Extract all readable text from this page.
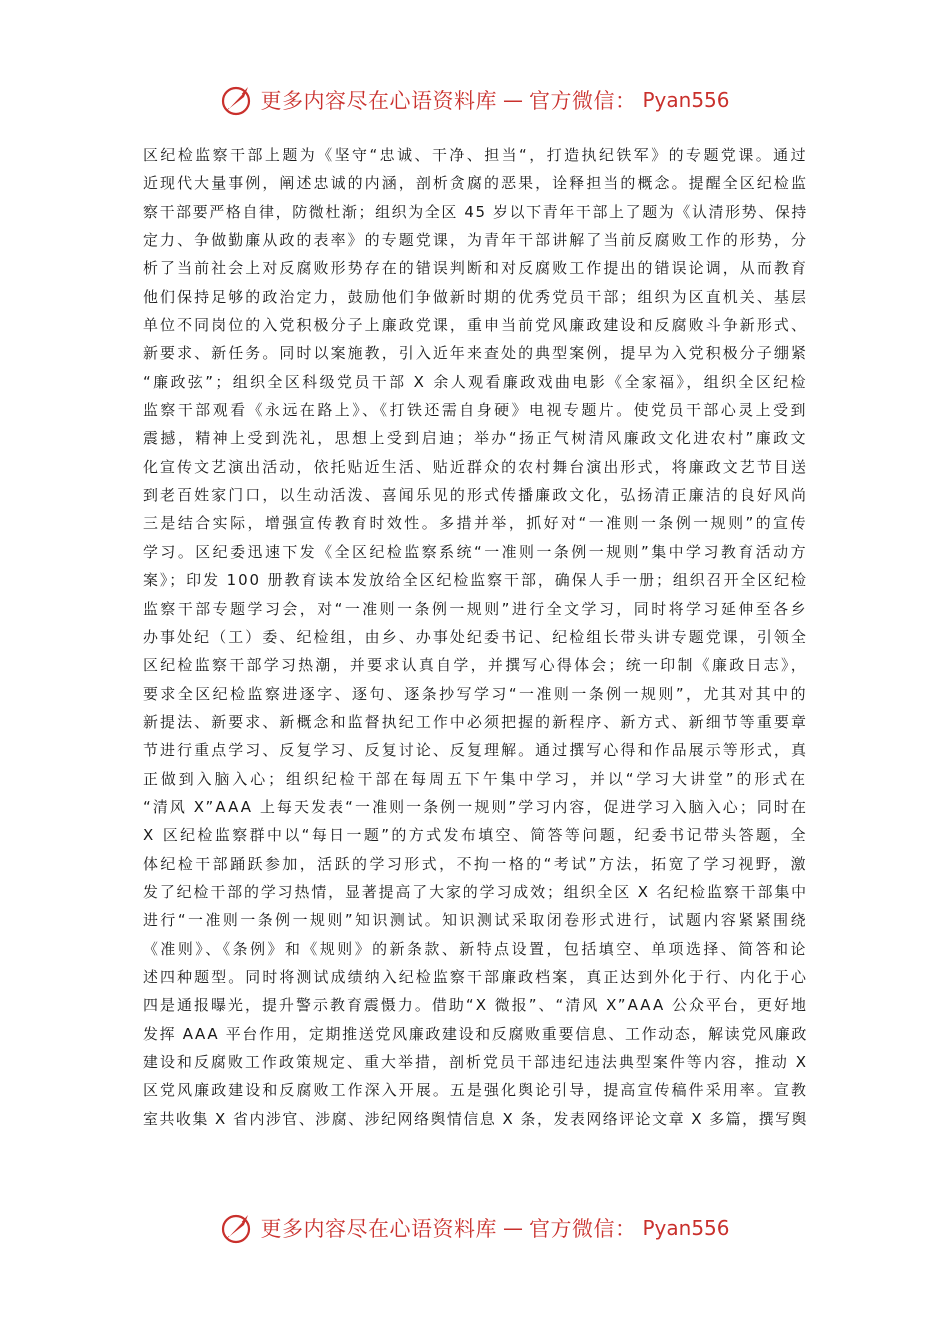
更多内容尽在心语资料库 — 官方微信： Pyan556
区纪检监察干部上题为《坚守“忠诚、干净、担当“，打造执纪铁军》的专题党课。通过
近现代大量事例，阐述忠诚的内涵，剖析贪腐的恶果，诠释担当的概念。提醒全区纪检监
察干部要严格自律，防微杜渐；组织为全区 45 岁以下青年干部上了题为《认清形势、保持
定力、争做勤廉从政的表率》的专题党课，为青年干部讲解了当前反腐败工作的形势，分
析了当前社会上对反腐败形势存在的错误判断和对反腐败工作提出的错误论调，从而教育
他们保持足够的政治定力，鼓励他们争做新时期的优秀党员干部；组织为区直机关、基层
单位不同岗位的入党积极分子上廉政党课，重申当前党风廉政建设和反腐败斗争新形式、
新要求、新任务。同时以案施教，引入近年来查处的典型案例，提早为入党积极分子绷紧
“廉政弦”；组织全区科级党员干部 X 余人观看廉政戏曲电影《全家福》，组织全区纪检
监察干部观看《永远在路上》、《打铁还需自身硬》电视专题片。使党员干部心灵上受到
震撼，精神上受到洗礼，思想上受到启迪；举办“扬正气树清风廉政文化进农村”廉政文
化宣传文艺演出活动，依托贴近生活、贴近群众的农村舞台演出形式，将廉政文艺节目送
到老百姓家门口，以生动活泼、喜闻乐见的形式传播廉政文化，弘扬清正廉洁的良好风尚
三是结合实际，增强宣传教育时效性。多措并举，抓好对“一准则一条例一规则”的宣传
学习。区纪委迅速下发《全区纪检监察系统“一准则一条例一规则”集中学习教育活动方
案》；印发 100 册教育读本发放给全区纪检监察干部，确保人手一册；组织召开全区纪检
监察干部专题学习会，对“一准则一条例一规则”进行全文学习，同时将学习延伸至各乡
办事处纪（工）委、纪检组，由乡、办事处纪委书记、纪检组长带头讲专题党课，引领全
区纪检监察干部学习热潮，并要求认真自学，并撰写心得体会；统一印制《廉政日志》，
要求全区纪检监察进逐字、逐句、逐条抄写学习“一准则一条例一规则”，尤其对其中的
新提法、新要求、新概念和监督执纪工作中必须把握的新程序、新方式、新细节等重要章
节进行重点学习、反复学习、反复讨论、反复理解。通过撰写心得和作品展示等形式，真
正做到入脑入心；组织纪检干部在每周五下午集中学习，并以“学习大讲堂”的形式在
“清风 X”AAA 上每天发表“一准则一条例一规则”学习内容，促进学习入脑入心；同时在
X 区纪检监察群中以“每日一题”的方式发布填空、简答等问题，纪委书记带头答题，全
体纪检干部踊跃参加，活跃的学习形式，不拘一格的“考试”方法，拓宽了学习视野，激
发了纪检干部的学习热情，显著提高了大家的学习成效；组织全区 X 名纪检监察干部集中
进行“一准则一条例一规则”知识测试。知识测试采取闭卷形式进行，试题内容紧紧围绕
《准则》、《条例》和《规则》的新条款、新特点设置，包括填空、单项选择、简答和论
述四种题型。同时将测试成绩纳入纪检监察干部廉政档案，真正达到外化于行、内化于心
四是通报曝光，提升警示教育震慑力。借助“X 微报”、“清风 X”AAA 公众平台，更好地
发挥 AAA 平台作用，定期推送党风廉政建设和反腐败重要信息、工作动态，解读党风廉政
建设和反腐败工作政策规定、重大举措，剖析党员干部违纪违法典型案件等内容，推动 X
区党风廉政建设和反腐败工作深入开展。五是强化舆论引导，提高宣传稿件采用率。宣教
室共收集 X 省内涉官、涉腐、涉纪网络舆情信息 X 条，发表网络评论文章 X 多篇，撰写舆
更多内容尽在心语资料库 — 官方微信： Pyan556
